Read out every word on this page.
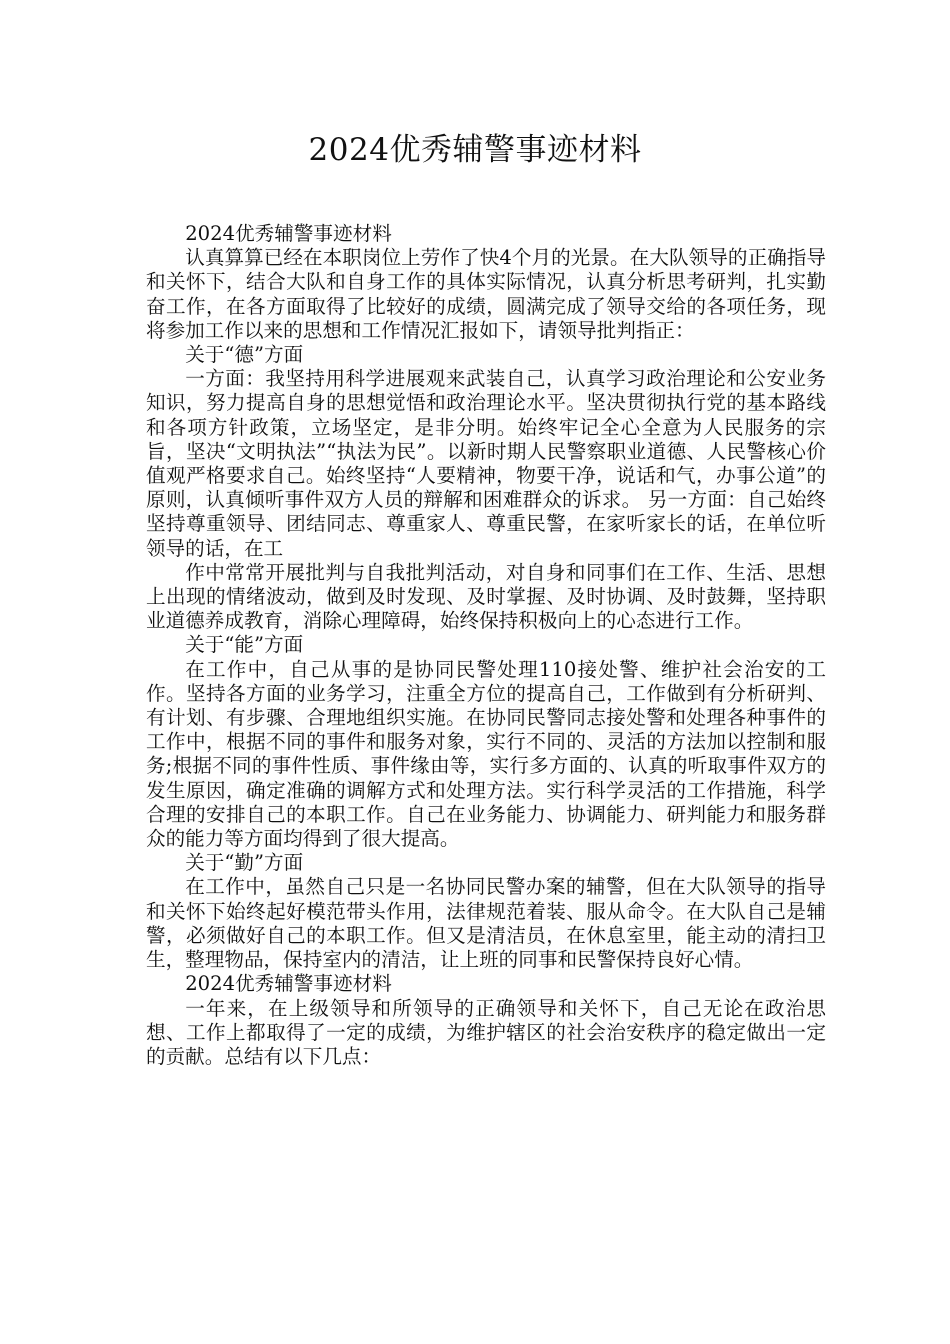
2024优秀辅警事迹材料

2024优秀辅警事迹材料

认真算算已经在本职岗位上劳作了快4个月的光景。在大队领导的正确指导和关怀下，结合大队和自身工作的具体实际情况，认真分析思考研判，扎实勤奋工作，在各方面取得了比较好的成绩，圆满完成了领导交给的各项任务，现将参加工作以来的思想和工作情况汇报如下，请领导批判指正：

关于“德”方面

一方面：我坚持用科学进展观来武装自己，认真学习政治理论和公安业务知识，努力提高自身的思想觉悟和政治理论水平。坚决贯彻执行党的基本路线和各项方针政策，立场坚定，是非分明。始终牢记全心全意为人民服务的宗旨，坚决“文明执法”“执法为民”。以新时期人民警察职业道德、人民警核心价值观严格要求自己。始终坚持“人要精神，物要干净，说话和气，办事公道”的原则，认真倾听事件双方人员的辩解和困难群众的诉求。 另一方面：自己始终坚持尊重领导、团结同志、尊重家人、尊重民警，在家听家长的话，在单位听领导的话，在工

作中常常开展批判与自我批判活动，对自身和同事们在工作、生活、思想上出现的情绪波动，做到及时发现、及时掌握、及时协调、及时鼓舞，坚持职业道德养成教育，消除心理障碍，始终保持积极向上的心态进行工作。

关于“能”方面

在工作中，自己从事的是协同民警处理110接处警、维护社会治安的工作。坚持各方面的业务学习，注重全方位的提高自己，工作做到有分析研判、有计划、有步骤、合理地组织实施。在协同民警同志接处警和处理各种事件的工作中，根据不同的事件和服务对象，实行不同的、灵活的方法加以控制和服务;根据不同的事件性质、事件缘由等，实行多方面的、认真的听取事件双方的发生原因，确定准确的调解方式和处理方法。实行科学灵活的工作措施，科学合理的安排自己的本职工作。自己在业务能力、协调能力、研判能力和服务群众的能力等方面均得到了很大提高。

关于“勤”方面

在工作中，虽然自己只是一名协同民警办案的辅警，但在大队领导的指导和关怀下始终起好模范带头作用，法律规范着装、服从命令。在大队自己是辅警，必须做好自己的本职工作。但又是清洁员，在休息室里，能主动的清扫卫生，整理物品，保持室内的清洁，让上班的同事和民警保持良好心情。

2024优秀辅警事迹材料

一年来，在上级领导和所领导的正确领导和关怀下，自己无论在政治思想、工作上都取得了一定的成绩，为维护辖区的社会治安秩序的稳定做出一定的贡献。总结有以下几点：
